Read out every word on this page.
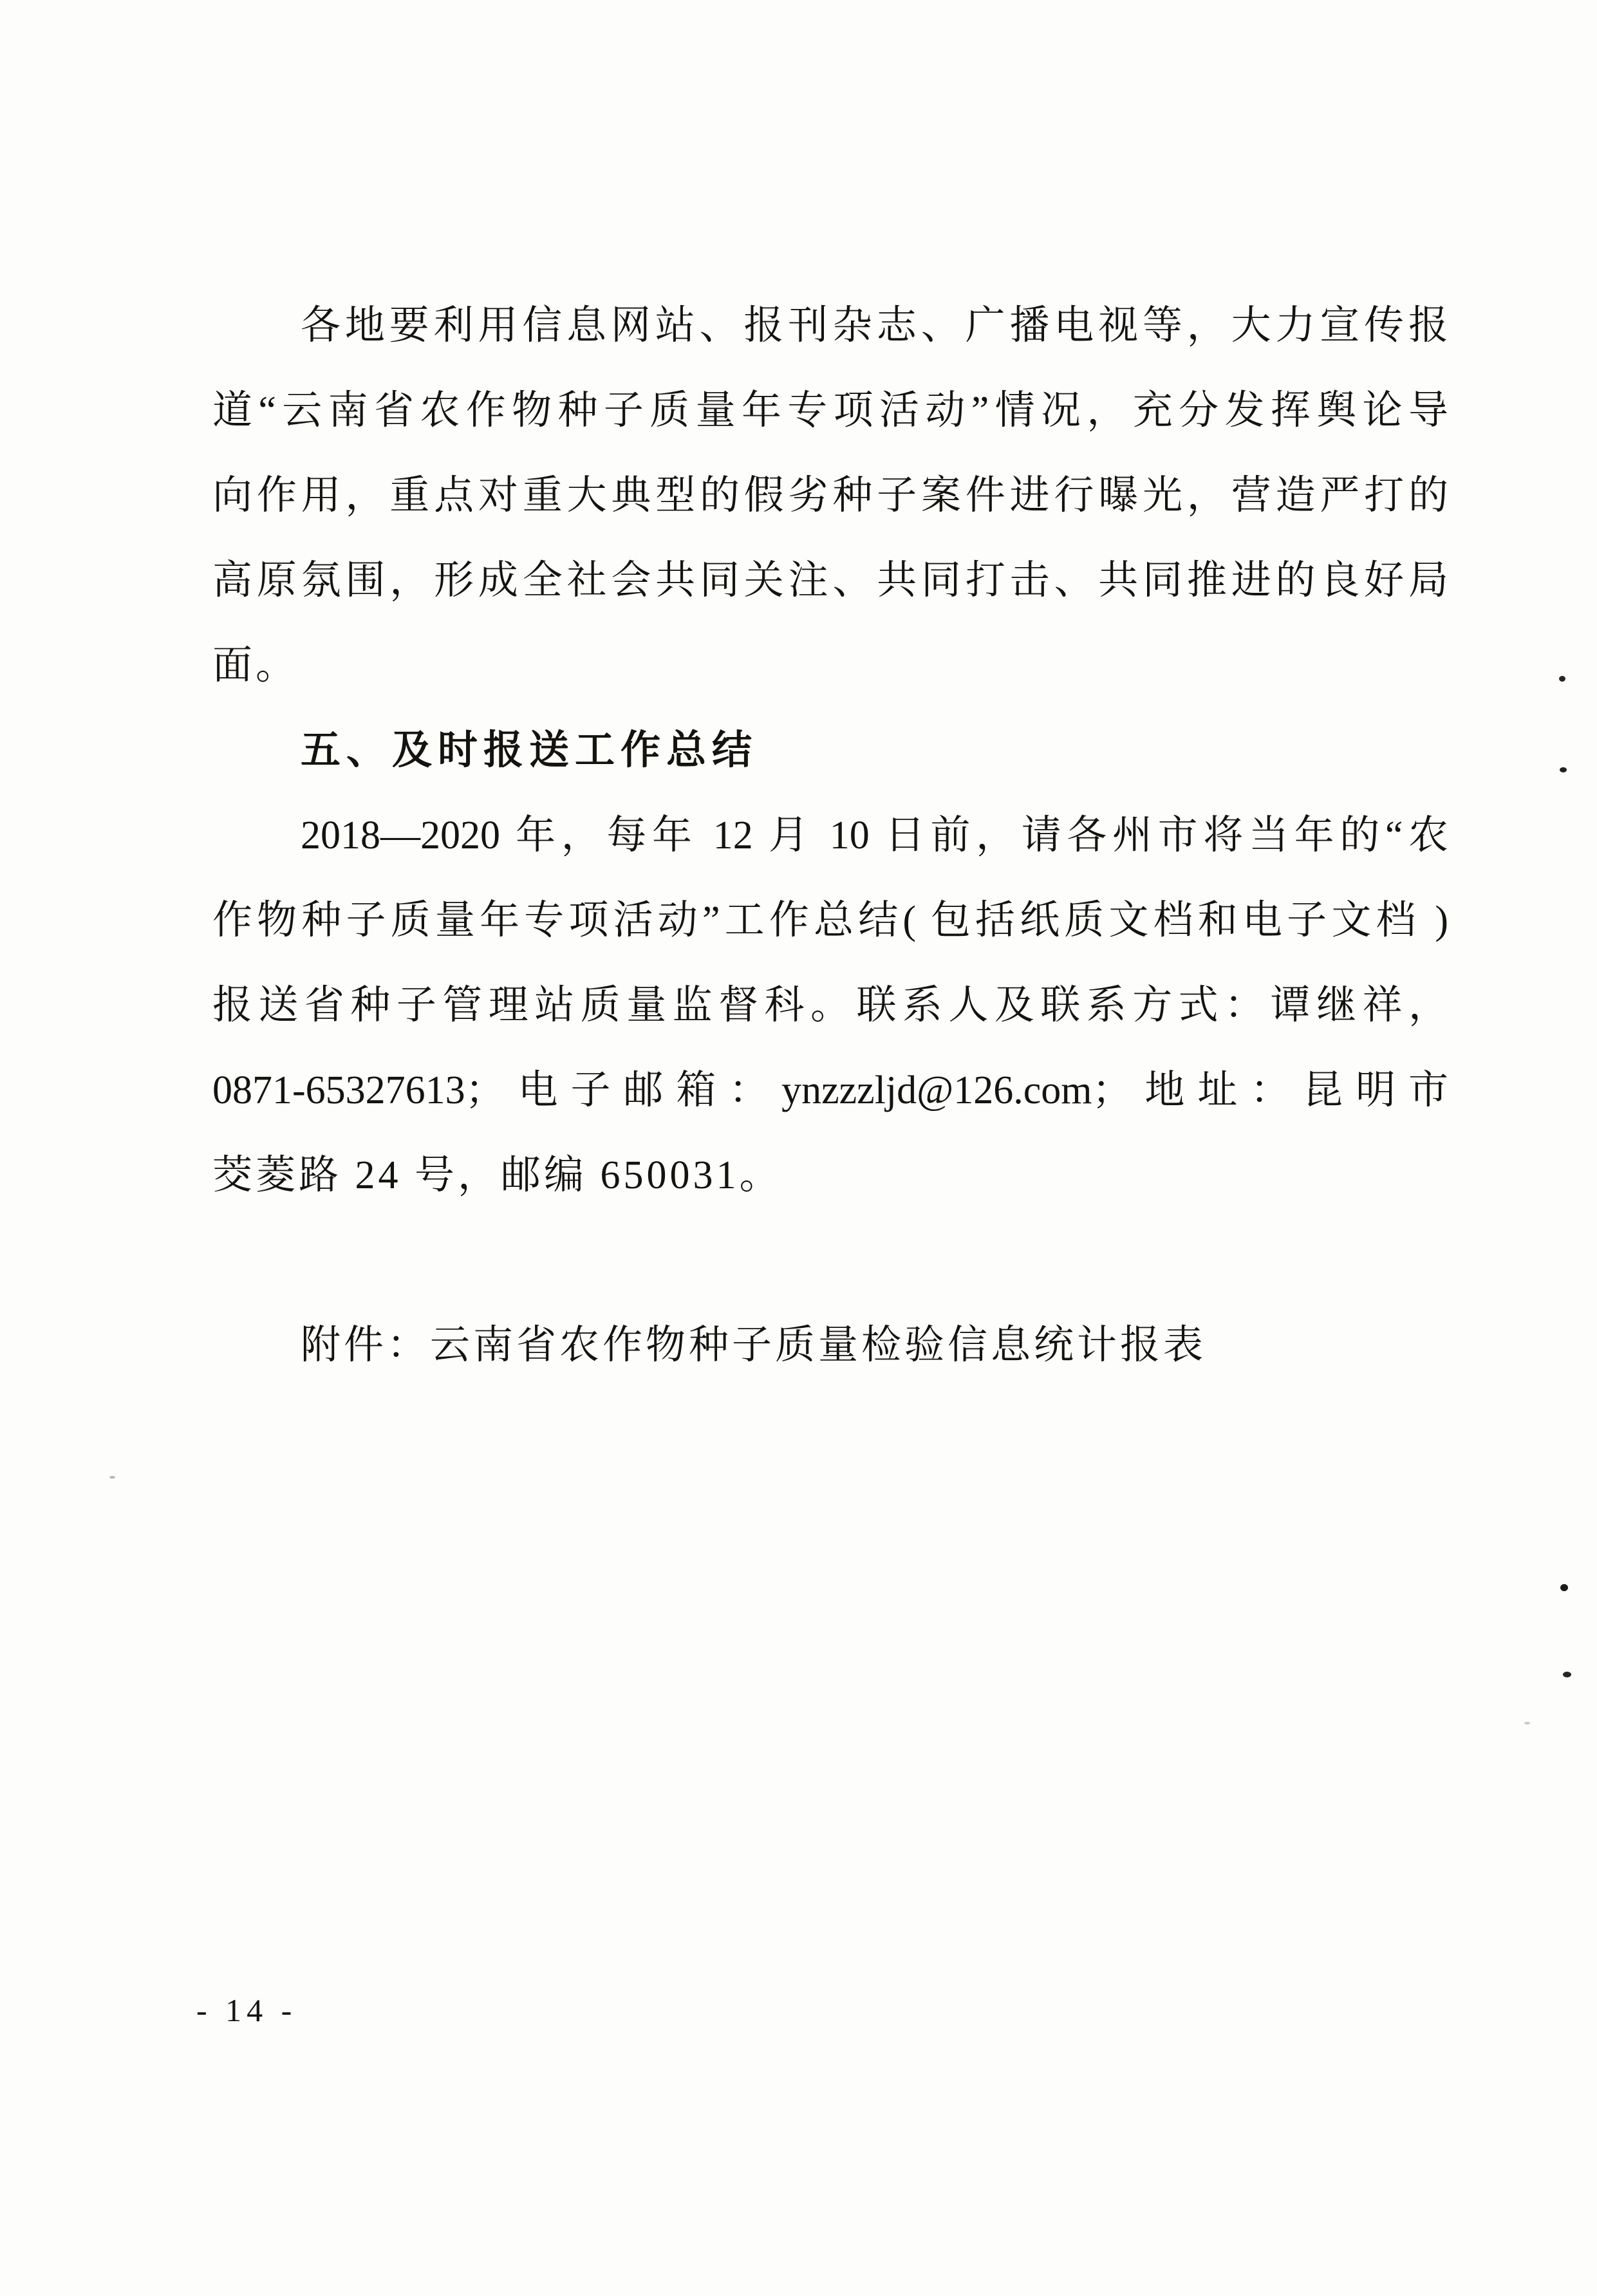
各地要利用信息网站、报刊杂志、广播电视等，大力宣传报
道“云南省农作物种子质量年专项活动”情况，充分发挥舆论导
向作用，重点对重大典型的假劣种子案件进行曝光，营造严打的
高原氛围，形成全社会共同关注、共同打击、共同推进的良好局
面。
五、及时报送工作总结
2018—2020 年，每年 12 月 10 日前，请各州市将当年的“农
作物种子质量年专项活动”工作总结( 包括纸质文档和电子文档 )
报送省种子管理站质量监督科。联系人及联系方式：谭继祥，
0871-65327613；电子邮箱：ynzzzljd@126.com；地址：昆明市
茭菱路 24 号，邮编 650031。
附件：云南省农作物种子质量检验信息统计报表
- 14 -
